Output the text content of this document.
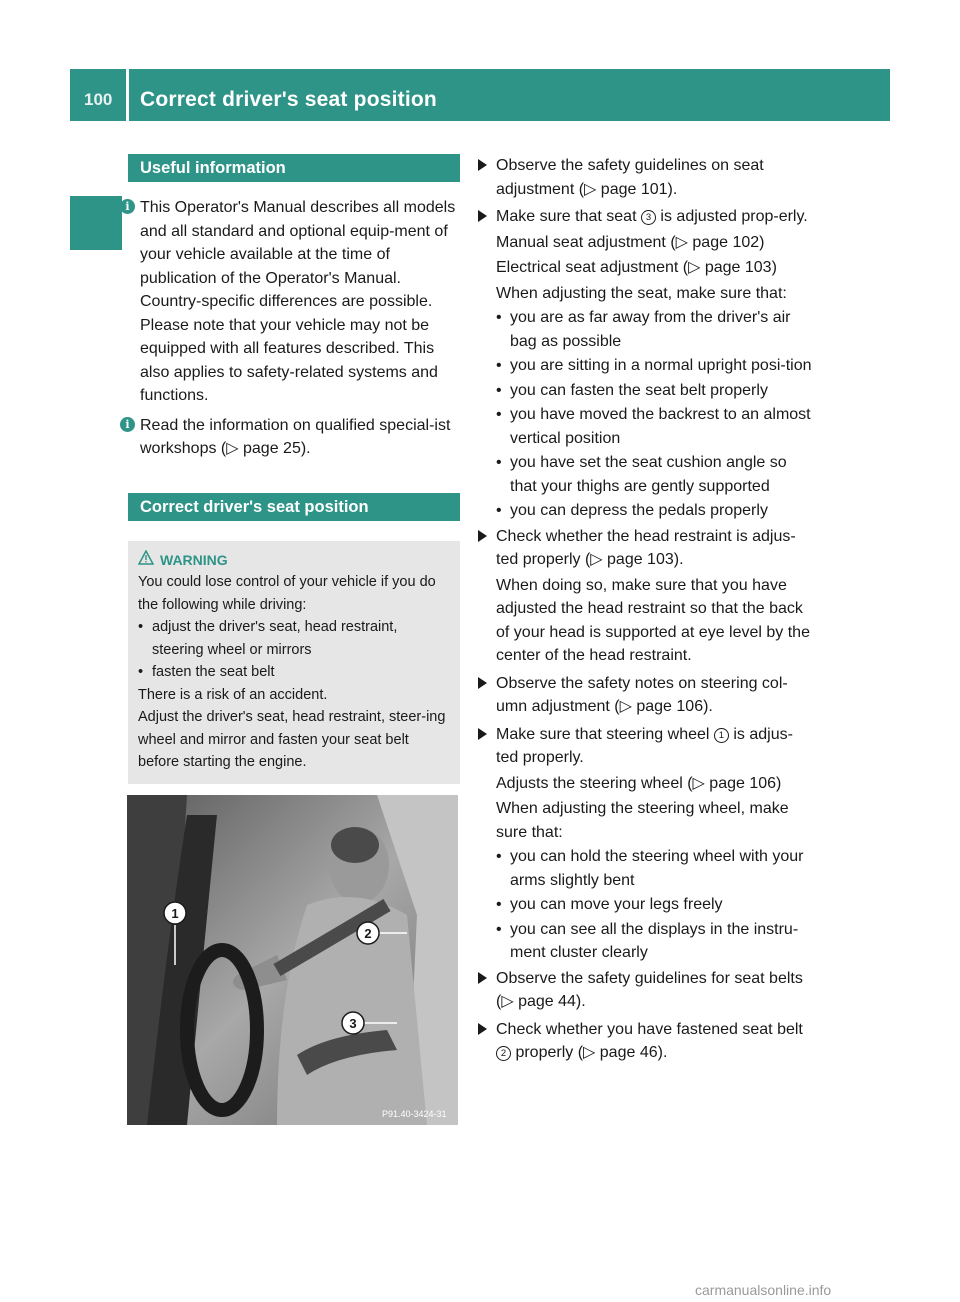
100 Correct driver's seat position
Seats, steering wheel and mirrors
Useful information
i This Operator's Manual describes all models and all standard and optional equip-ment of your vehicle available at the time of publication of the Operator's Manual. Country-specific differences are possible. Please note that your vehicle may not be equipped with all features described. This also applies to safety-related systems and functions.
i Read the information on qualified special-ist workshops (▷ page 25).
Correct driver's seat position
WARNING
You could lose control of your vehicle if you do the following while driving:
• adjust the driver's seat, head restraint, steering wheel or mirrors
• fasten the seat belt
There is a risk of an accident.
Adjust the driver's seat, head restraint, steer-ing wheel and mirror and fasten your seat belt before starting the engine.
1
2
3
P91.40-3424-31
Observe the safety guidelines on seat adjustment (▷ page 101).
Make sure that seat 3 is adjusted prop-erly.
Manual seat adjustment (▷ page 102)
Electrical seat adjustment (▷ page 103)
When adjusting the seat, make sure that:
• you are as far away from the driver's air bag as possible
• you are sitting in a normal upright posi-tion
• you can fasten the seat belt properly
• you have moved the backrest to an almost vertical position
• you have set the seat cushion angle so that your thighs are gently supported
• you can depress the pedals properly
Check whether the head restraint is adjus-ted properly (▷ page 103).
When doing so, make sure that you have adjusted the head restraint so that the back of your head is supported at eye level by the center of the head restraint.
Observe the safety notes on steering col-umn adjustment (▷ page 106).
Make sure that steering wheel 1 is adjus-ted properly.
Adjusts the steering wheel (▷ page 106)
When adjusting the steering wheel, make sure that:
• you can hold the steering wheel with your arms slightly bent
• you can move your legs freely
• you can see all the displays in the instru-ment cluster clearly
Observe the safety guidelines for seat belts (▷ page 44).
Check whether you have fastened seat belt 2 properly (▷ page 46).
carmanualsonline.info
